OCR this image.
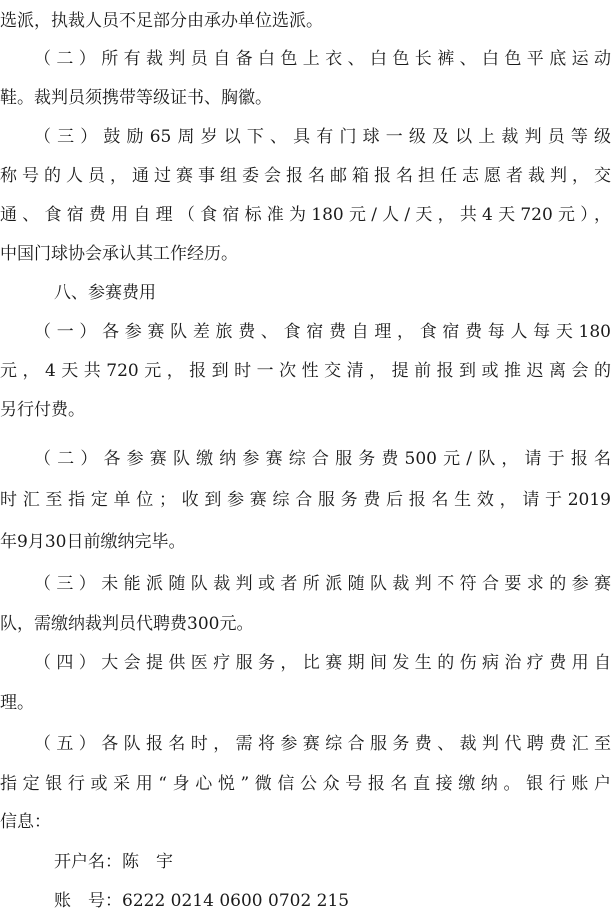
选派，执裁人员不足部分由承办单位选派。
（二）所有裁判员自备白色上衣、白色长裤、白色平底运动
鞋。裁判员须携带等级证书、胸徽。
（三）鼓励65周岁以下、具有门球一级及以上裁判员等级
称号的人员，通过赛事组委会报名邮箱报名担任志愿者裁判，交
通、食宿费用自理（食宿标准为180元/人/天，共4天720元），
中国门球协会承认其工作经历。
八、参赛费用
（一）各参赛队差旅费、食宿费自理，食宿费每人每天180
元，4天共720元，报到时一次性交清，提前报到或推迟离会的
另行付费。
（二）各参赛队缴纳参赛综合服务费500元/队，请于报名
时汇至指定单位；收到参赛综合服务费后报名生效，请于2019
年9月30日前缴纳完毕。
（三）未能派随队裁判或者所派随队裁判不符合要求的参赛
队，需缴纳裁判员代聘费300元。
（四）大会提供医疗服务，比赛期间发生的伤病治疗费用自
理。
（五）各队报名时，需将参赛综合服务费、裁判代聘费汇至
指定银行或采用“身心悦”微信公众号报名直接缴纳。银行账户
信息：
开户名：陈　宇
账　号：6222 0214 0600 0702 215
